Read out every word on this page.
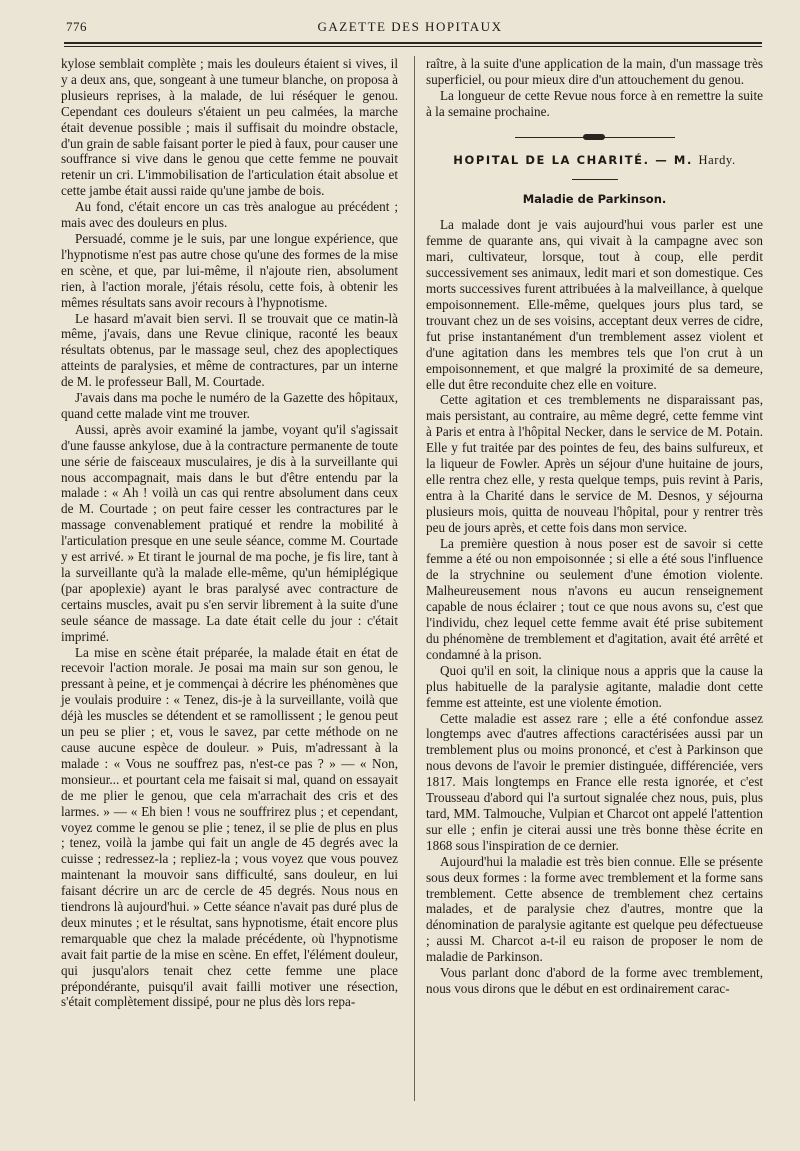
776	GAZETTE DES HOPITAUX

kylose semblait complète ; mais les douleurs étaient si vives, il y a deux ans, que, songeant à une tumeur blanche, on proposa à plusieurs reprises, à la malade, de lui réséquer le genou. Cependant ces douleurs s'étaient un peu calmées, la marche était devenue possible ; mais il suffisait du moindre obstacle, d'un grain de sable faisant porter le pied à faux, pour causer une souffrance si vive dans le genou que cette femme ne pouvait retenir un cri. L'immobilisation de l'articulation était absolue et cette jambe était aussi raide qu'une jambe de bois.

Au fond, c'était encore un cas très analogue au précédent ; mais avec des douleurs en plus.

Persuadé, comme je le suis, par une longue expérience, que l'hypnotisme n'est pas autre chose qu'une des formes de la mise en scène, et que, par lui-même, il n'ajoute rien, absolument rien, à l'action morale, j'étais résolu, cette fois, à obtenir les mêmes résultats sans avoir recours à l'hypnotisme.

Le hasard m'avait bien servi. Il se trouvait que ce matin-là même, j'avais, dans une Revue clinique, raconté les beaux résultats obtenus, par le massage seul, chez des apoplectiques atteints de paralysies, et même de contractures, par un interne de M. le professeur Ball, M. Courtade.

J'avais dans ma poche le numéro de la Gazette des hôpitaux, quand cette malade vint me trouver.

Aussi, après avoir examiné la jambe, voyant qu'il s'agissait d'une fausse ankylose, due à la contracture permanente de toute une série de faisceaux musculaires, je dis à la surveillante qui nous accompagnait, mais dans le but d'être entendu par la malade : « Ah ! voilà un cas qui rentre absolument dans ceux de M. Courtade ; on peut faire cesser les contractures par le massage convenablement pratiqué et rendre la mobilité à l'articulation presque en une seule séance, comme M. Courtade y est arrivé. » Et tirant le journal de ma poche, je fis lire, tant à la surveillante qu'à la malade elle-même, qu'un hémiplégique (par apoplexie) ayant le bras paralysé avec contracture de certains muscles, avait pu s'en servir librement à la suite d'une seule séance de massage. La date était celle du jour : c'était imprimé.

La mise en scène était préparée, la malade était en état de recevoir l'action morale. Je posai ma main sur son genou, le pressant à peine, et je commençai à décrire les phénomènes que je voulais produire : « Tenez, dis-je à la surveillante, voilà que déjà les muscles se détendent et se ramollissent ; le genou peut un peu se plier ; et, vous le savez, par cette méthode on ne cause aucune espèce de douleur. » Puis, m'adressant à la malade : « Vous ne souffrez pas, n'est-ce pas ? » — « Non, monsieur... et pourtant cela me faisait si mal, quand on essayait de me plier le genou, que cela m'arrachait des cris et des larmes. » — « Eh bien ! vous ne souffrirez plus ; et cependant, voyez comme le genou se plie ; tenez, il se plie de plus en plus ; tenez, voilà la jambe qui fait un angle de 45 degrés avec la cuisse ; redressez-la ; repliez-la ; vous voyez que vous pouvez maintenant la mouvoir sans difficulté, sans douleur, en lui faisant décrire un arc de cercle de 45 degrés. Nous nous en tiendrons là aujourd'hui. » Cette séance n'avait pas duré plus de deux minutes ; et le résultat, sans hypnotisme, était encore plus remarquable que chez la malade précédente, où l'hypnotisme avait fait partie de la mise en scène. En effet, l'élément douleur, qui jusqu'alors tenait chez cette femme une place prépondérante, puisqu'il avait failli motiver une résection, s'était complètement dissipé, pour ne plus dès lors repa-

raître, à la suite d'une application de la main, d'un massage très superficiel, ou pour mieux dire d'un attouchement du genou.

La longueur de cette Revue nous force à en remettre la suite à la semaine prochaine.

HOPITAL DE LA CHARITÉ. — M. Hardy.
Maladie de Parkinson.

La malade dont je vais aujourd'hui vous parler est une femme de quarante ans, qui vivait à la campagne avec son mari, cultivateur, lorsque, tout à coup, elle perdit successivement ses animaux, ledit mari et son domestique. Ces morts successives furent attribuées à la malveillance, à quelque empoisonnement. Elle-même, quelques jours plus tard, se trouvant chez un de ses voisins, acceptant deux verres de cidre, fut prise instantanément d'un tremblement assez violent et d'une agitation dans les membres tels que l'on crut à un empoisonnement, et que malgré la proximité de sa demeure, elle dut être reconduite chez elle en voiture.

Cette agitation et ces tremblements ne disparaissant pas, mais persistant, au contraire, au même degré, cette femme vint à Paris et entra à l'hôpital Necker, dans le service de M. Potain. Elle y fut traitée par des pointes de feu, des bains sulfureux, et la liqueur de Fowler. Après un séjour d'une huitaine de jours, elle rentra chez elle, y resta quelque temps, puis revint à Paris, entra à la Charité dans le service de M. Desnos, y séjourna plusieurs mois, quitta de nouveau l'hôpital, pour y rentrer très peu de jours après, et cette fois dans mon service.

La première question à nous poser est de savoir si cette femme a été ou non empoisonnée ; si elle a été sous l'influence de la strychnine ou seulement d'une émotion violente. Malheureusement nous n'avons eu aucun renseignement capable de nous éclairer ; tout ce que nous avons su, c'est que l'individu, chez lequel cette femme avait été prise subitement du phénomène de tremblement et d'agitation, avait été arrêté et condamné à la prison.

Quoi qu'il en soit, la clinique nous a appris que la cause la plus habituelle de la paralysie agitante, maladie dont cette femme est atteinte, est une violente émotion.

Cette maladie est assez rare ; elle a été confondue assez longtemps avec d'autres affections caractérisées aussi par un tremblement plus ou moins prononcé, et c'est à Parkinson que nous devons de l'avoir le premier distinguée, différenciée, vers 1817. Mais longtemps en France elle resta ignorée, et c'est Trousseau d'abord qui l'a surtout signalée chez nous, puis, plus tard, MM. Talmouche, Vulpian et Charcot ont appelé l'attention sur elle ; enfin je citerai aussi une très bonne thèse écrite en 1868 sous l'inspiration de ce dernier.

Aujourd'hui la maladie est très bien connue. Elle se présente sous deux formes : la forme avec tremblement et la forme sans tremblement. Cette absence de tremblement chez certains malades, et de paralysie chez d'autres, montre que la dénomination de paralysie agitante est quelque peu défectueuse ; aussi M. Charcot a-t-il eu raison de proposer le nom de maladie de Parkinson.

Vous parlant donc d'abord de la forme avec tremblement, nous vous dirons que le début en est ordinairement carac-
